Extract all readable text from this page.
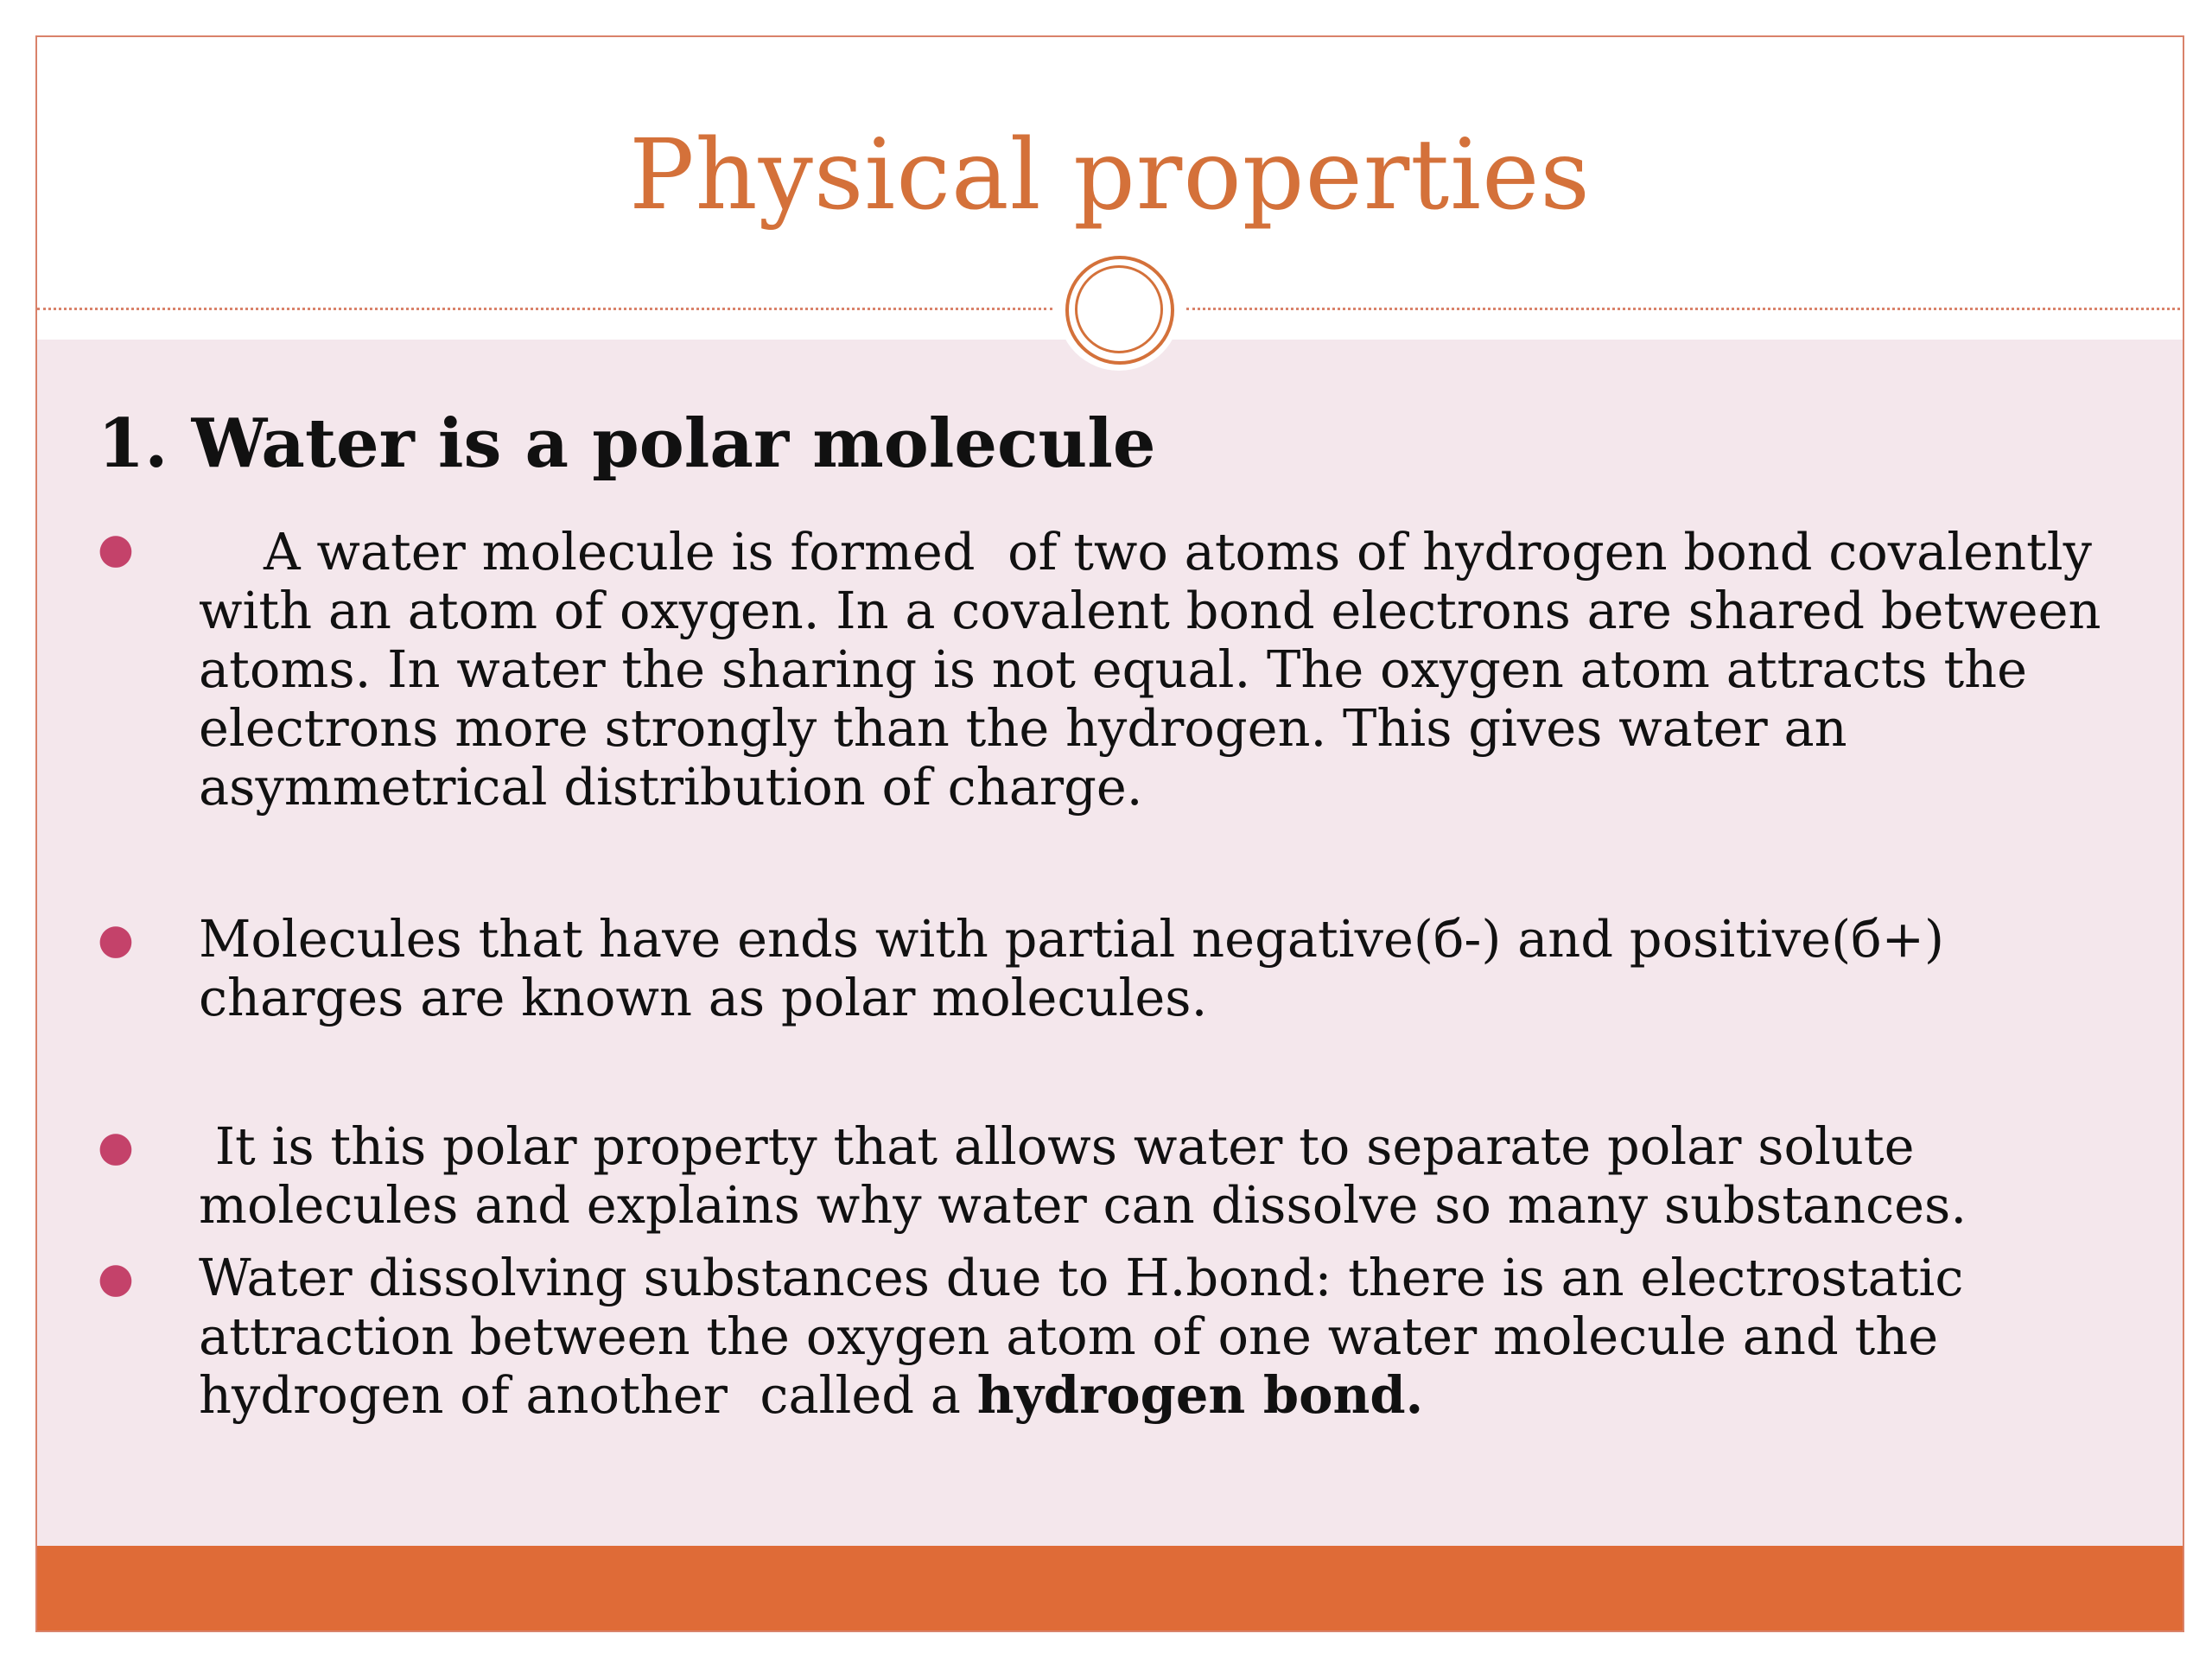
Physical properties
1. Water is a polar molecule
● A water molecule is formed  of two atoms of hydrogen bond covalently
with an atom of oxygen. In a covalent bond electrons are shared between
atoms. In water the sharing is not equal. The oxygen atom attracts the
electrons more strongly than the hydrogen. This gives water an
asymmetrical distribution of charge.
● Molecules that have ends with partial negative(б-) and positive(б+)
charges are known as polar molecules.
● It is this polar property that allows water to separate polar solute
molecules and explains why water can dissolve so many substances.
● Water dissolving substances due to H.bond: there is an electrostatic
attraction between the oxygen atom of one water molecule and the
hydrogen of another  called a hydrogen bond.
